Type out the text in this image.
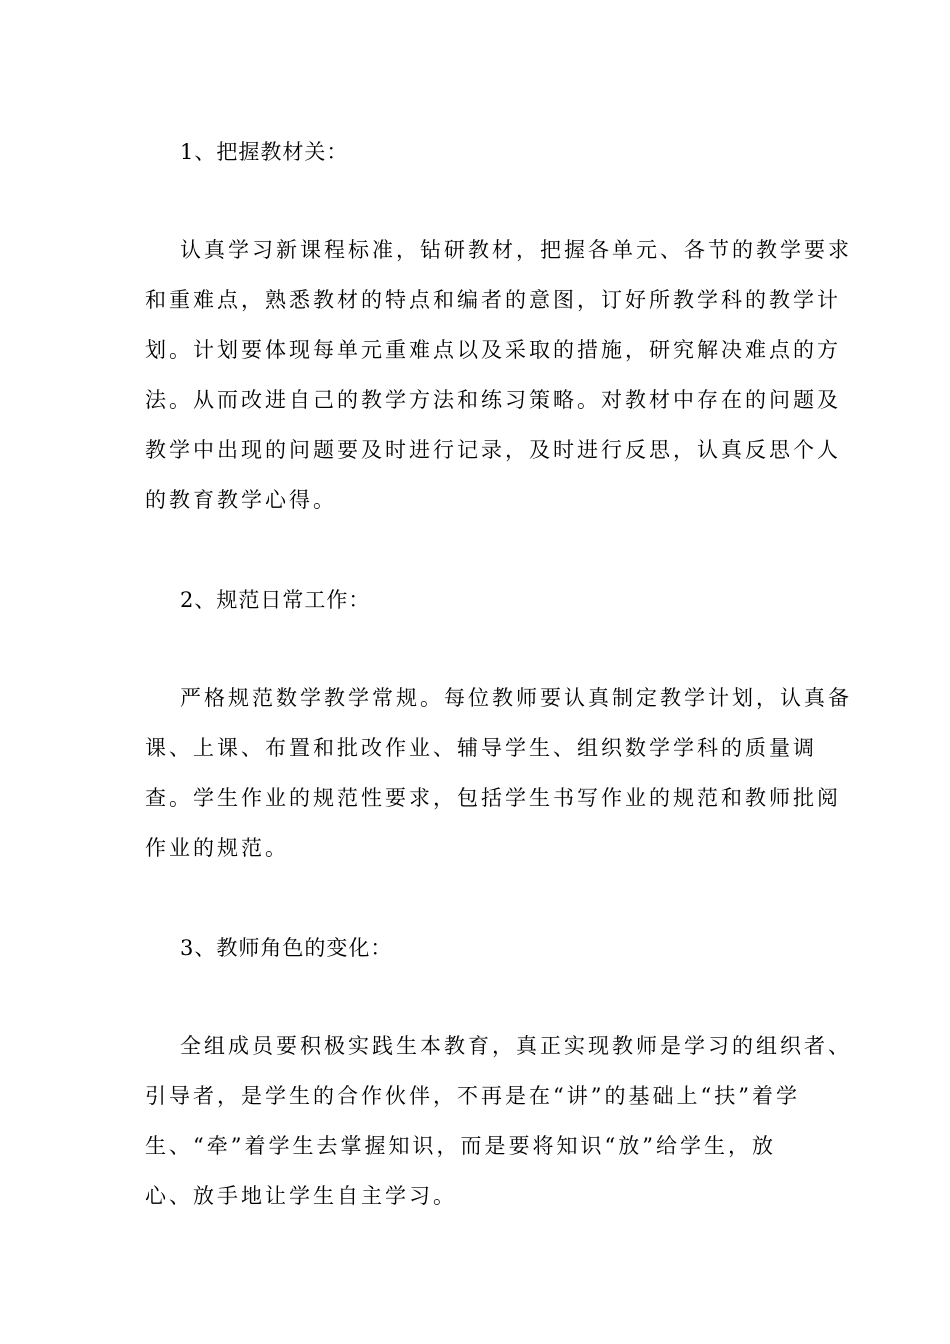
1、把握教材关：
认真学习新课程标准，钻研教材，把握各单元、各节的教学要求
和重难点，熟悉教材的特点和编者的意图，订好所教学科的教学计
划。计划要体现每单元重难点以及采取的措施，研究解决难点的方
法。从而改进自己的教学方法和练习策略。对教材中存在的问题及
教学中出现的问题要及时进行记录，及时进行反思，认真反思个人
的教育教学心得。
2、规范日常工作：
严格规范数学教学常规。每位教师要认真制定教学计划，认真备
课、上课、布置和批改作业、辅导学生、组织数学学科的质量调
查。学生作业的规范性要求，包括学生书写作业的规范和教师批阅
作业的规范。
3、教师角色的变化：
全组成员要积极实践生本教育，真正实现教师是学习的组织者、
引导者，是学生的合作伙伴，不再是在“讲”的基础上“扶”着学
生、“牵”着学生去掌握知识，而是要将知识“放”给学生，放
心、放手地让学生自主学习。
